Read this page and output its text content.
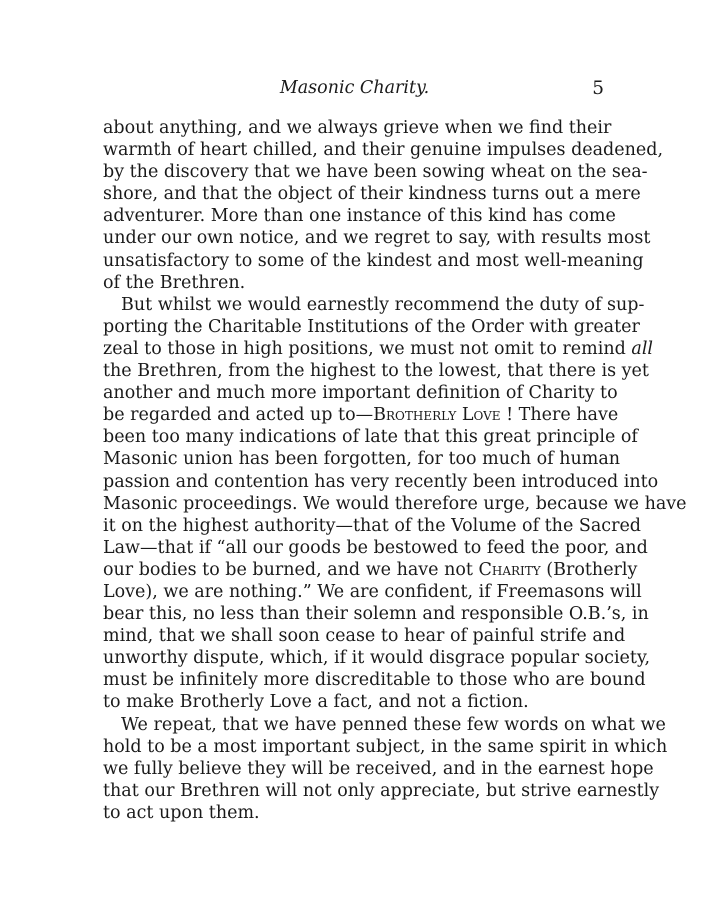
Masonic Charity.	5
about anything, and we always grieve when we find their
warmth of heart chilled, and their genuine impulses deadened,
by the discovery that we have been sowing wheat on the sea-
shore, and that the object of their kindness turns out a mere
adventurer. More than one instance of this kind has come
under our own notice, and we regret to say, with results most
unsatisfactory to some of the kindest and most well-meaning
of the Brethren.
But whilst we would earnestly recommend the duty of sup-
porting the Charitable Institutions of the Order with greater
zeal to those in high positions, we must not omit to remind all
the Brethren, from the highest to the lowest, that there is yet
another and much more important definition of Charity to
be regarded and acted up to—Brotherly Love ! There have
been too many indications of late that this great principle of
Masonic union has been forgotten, for too much of human
passion and contention has very recently been introduced into
Masonic proceedings. We would therefore urge, because we have
it on the highest authority—that of the Volume of the Sacred
Law—that if “all our goods be bestowed to feed the poor, and
our bodies to be burned, and we have not Charity (Brotherly
Love), we are nothing.” We are confident, if Freemasons will
bear this, no less than their solemn and responsible O.B.’s, in
mind, that we shall soon cease to hear of painful strife and
unworthy dispute, which, if it would disgrace popular society,
must be infinitely more discreditable to those who are bound
to make Brotherly Love a fact, and not a fiction.
We repeat, that we have penned these few words on what we
hold to be a most important subject, in the same spirit in which
we fully believe they will be received, and in the earnest hope
that our Brethren will not only appreciate, but strive earnestly
to act upon them.
